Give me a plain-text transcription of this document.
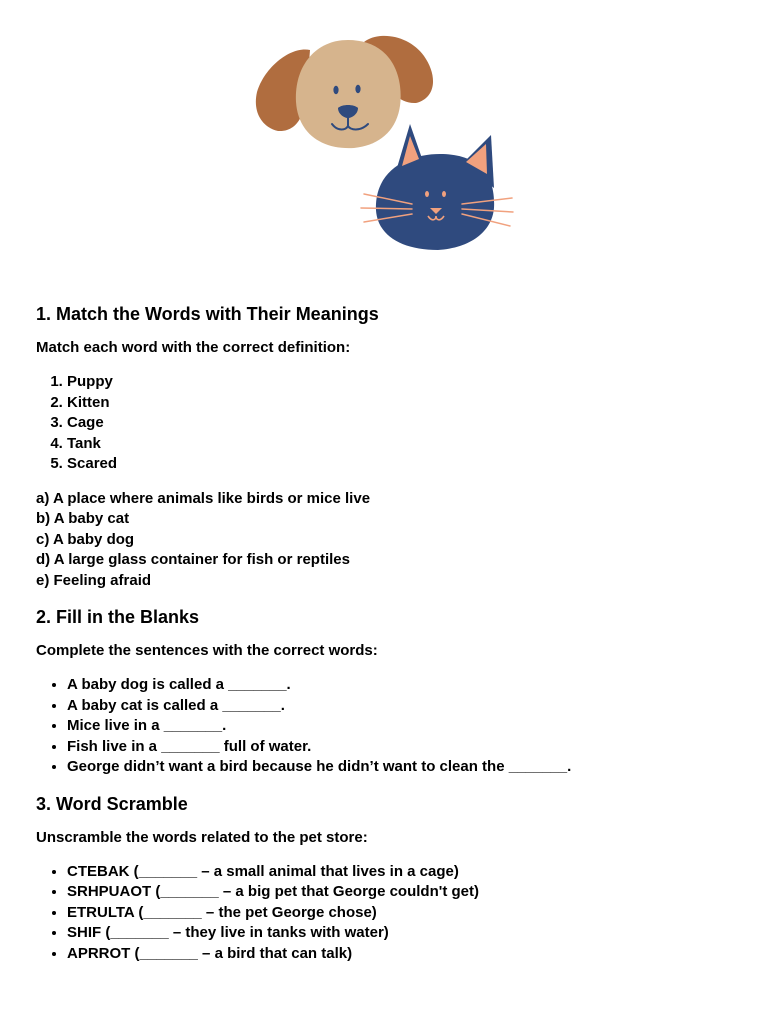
1. Match the Words with Their Meanings

Match each word with the correct definition:

1. Puppy
2. Kitten
3. Cage
4. Tank
5. Scared
a) A place where animals like birds or mice live
b) A baby cat
c) A baby dog
d) A large glass container for fish or reptiles
e) Feeling afraid
2. Fill in the Blanks

Complete the sentences with the correct words:

• A baby dog is called a _______.
• A baby cat is called a _______.
• Mice live in a _______.
• Fish live in a _______ full of water.
• George didn’t want a bird because he didn’t want to clean the _______.
3. Word Scramble

Unscramble the words related to the pet store:

• CTEBAK (_______ – a small animal that lives in a cage)
• SRHPUAOT (_______ – a big pet that George couldn't get)
• ETRULTA (_______ – the pet George chose)
• SHIF (_______ – they live in tanks with water)
• APRROT (_______ – a bird that can talk)
